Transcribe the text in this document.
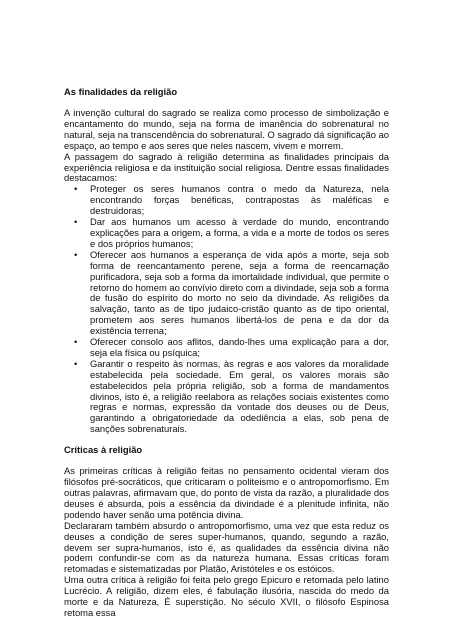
As finalidades da religião

A invenção cultural do sagrado se realiza como processo de simbolização e encantamento do mundo, seja na forma de imanência do sobrenatural no natural, seja na transcendência do sobrenatural. O sagrado dá significação ao espaço, ao tempo e aos seres que neles nascem, vivem e morrem.

A passagem do sagrado à religião determina as finalidades principais da experiência religiosa e da instituição social religiosa. Dentre essas finalidades destacamos:

• Proteger os seres humanos contra o medo da Natureza, nela encontrando forças benéficas, contrapostas às maléficas e destruidoras;
• Dar aos humanos um acesso à verdade do mundo, encontrando explicações para a origem, a forma, a vida e a morte de todos os seres e dos próprios humanos;
• Oferecer aos humanos a esperança de vida após a morte, seja sob forma de reencantamento perene, seja a forma de reencarnação purificadora, seja sob a forma da imortalidade individual, que permite o retorno do homem ao convívio direto com a divindade, seja sob a forma de fusão do espírito do morto no seio da divindade. As religiões da salvação, tanto as de tipo judaico-cristão quanto as de tipo oriental, prometem aos seres humanos libertá-los de pena e da dor da existência terrena;
• Oferecer consolo aos aflitos, dando-lhes uma explicação para a dor, seja ela física ou psíquica;
• Garantir o respeito às normas, às regras e aos valores da moralidade estabelecida pela sociedade. Em geral, os valores morais são estabelecidos pela própria religião, sob a forma de mandamentos divinos, isto é, a religião reelabora as relações sociais existentes como regras e normas, expressão da vontade dos deuses ou de Deus, garantindo a obrigatoriedade da odediência a elas, sob pena de sanções sobrenaturais.
Críticas à religião

As primeiras críticas à religião feitas no pensamento ocidental vieram dos filósofos pré-socráticos, que criticaram o politeismo e o antropomorfismo. Em outras palavras, afirmavam que, do ponto de vista da razão, a pluralidade dos deuses é absurda, pois a essência da divindade é a plenitude infinita, não podendo haver senão uma potência divina.

Declararam também absurdo o antropomorfismo, uma vez que esta reduz os deuses a condição de seres super-humanos, quando, segundo a razão, devem ser supra-humanos, isto é, as qualidades da essência divina não podem confundir-se com as da natureza humana. Essas críticas foram retomadas e sistematizadas por Platão, Aristóteles e os estóicos.

Uma outra crítica à religião foi feita pelo grego Epicuro e retomada pelo latino Lucrécio. A religião, dizem eles, é fabulação ilusória, nascida do medo da morte e da Natureza, É superstição. No século XVII, o filósofo Espinosa retoma essa
